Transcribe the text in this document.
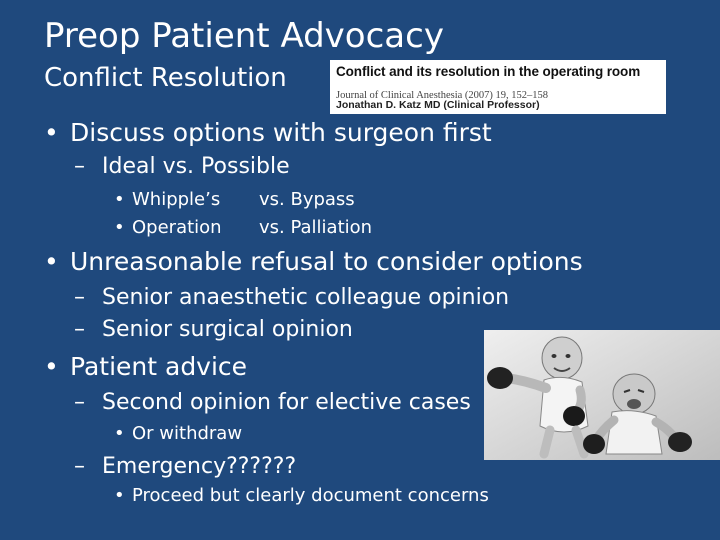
Preop Patient Advocacy
Conflict Resolution	Conflict and its resolution in the operating room
Journal of Clinical Anesthesia (2007) 19, 152–158
Jonathan D. Katz MD (Clinical Professor)
• Discuss options with surgeon first
– Ideal vs. Possible
• Whipple’s vs. Bypass
• Operation vs. Palliation
• Unreasonable refusal to consider options
– Senior anaesthetic colleague opinion
– Senior surgical opinion
• Patient advice
– Second opinion for elective cases
• Or withdraw
– Emergency??????
• Proceed but clearly document concerns
